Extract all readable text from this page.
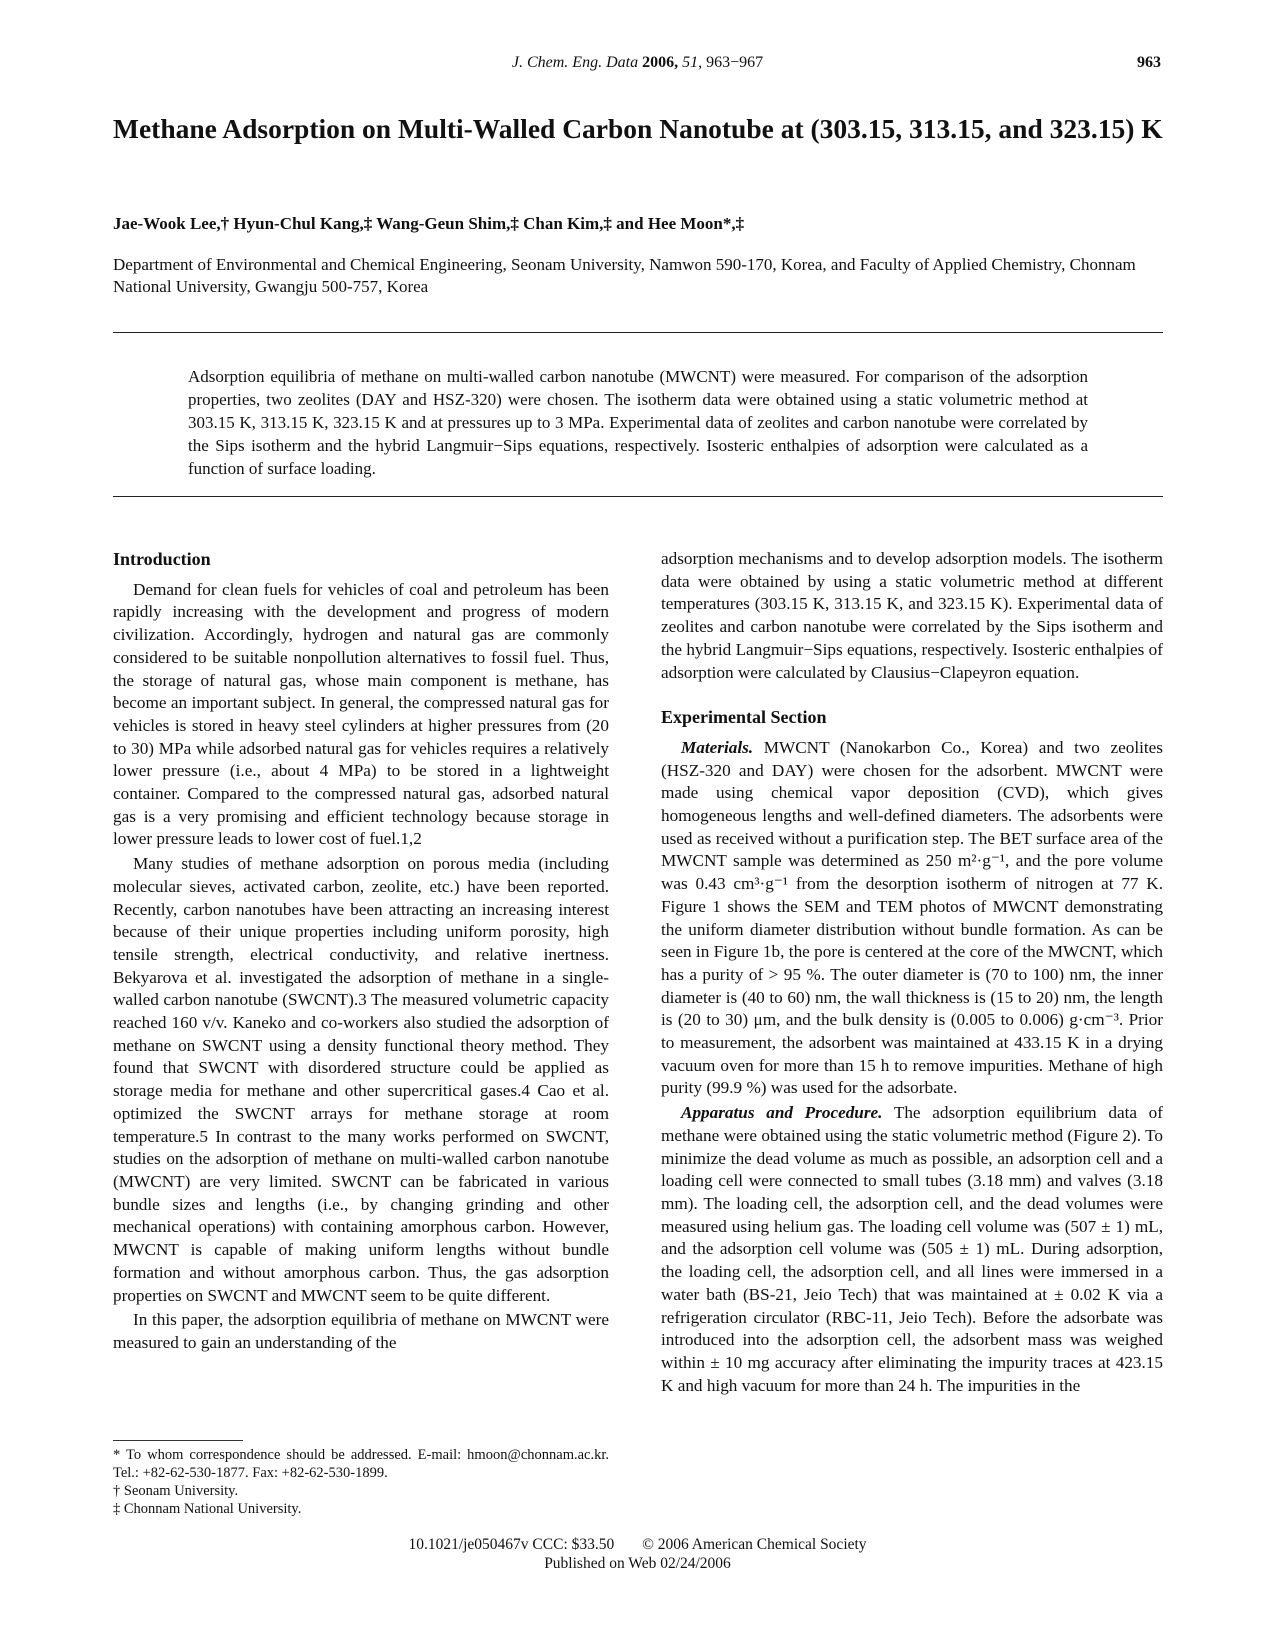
J. Chem. Eng. Data 2006, 51, 963−967	963
Methane Adsorption on Multi-Walled Carbon Nanotube at (303.15, 313.15, and 323.15) K
Jae-Wook Lee,† Hyun-Chul Kang,‡ Wang-Geun Shim,‡ Chan Kim,‡ and Hee Moon*,‡
Department of Environmental and Chemical Engineering, Seonam University, Namwon 590-170, Korea, and Faculty of Applied Chemistry, Chonnam National University, Gwangju 500-757, Korea
Adsorption equilibria of methane on multi-walled carbon nanotube (MWCNT) were measured. For comparison of the adsorption properties, two zeolites (DAY and HSZ-320) were chosen. The isotherm data were obtained using a static volumetric method at 303.15 K, 313.15 K, 323.15 K and at pressures up to 3 MPa. Experimental data of zeolites and carbon nanotube were correlated by the Sips isotherm and the hybrid Langmuir−Sips equations, respectively. Isosteric enthalpies of adsorption were calculated as a function of surface loading.
Introduction

Demand for clean fuels for vehicles of coal and petroleum has been rapidly increasing with the development and progress of modern civilization. Accordingly, hydrogen and natural gas are commonly considered to be suitable nonpollution alternatives to fossil fuel. Thus, the storage of natural gas, whose main component is methane, has become an important subject. In general, the compressed natural gas for vehicles is stored in heavy steel cylinders at higher pressures from (20 to 30) MPa while adsorbed natural gas for vehicles requires a relatively lower pressure (i.e., about 4 MPa) to be stored in a lightweight container. Compared to the compressed natural gas, adsorbed natural gas is a very promising and efficient technology because storage in lower pressure leads to lower cost of fuel.1,2

Many studies of methane adsorption on porous media (including molecular sieves, activated carbon, zeolite, etc.) have been reported. Recently, carbon nanotubes have been attracting an increasing interest because of their unique properties including uniform porosity, high tensile strength, electrical conductivity, and relative inertness. Bekyarova et al. investigated the adsorption of methane in a single-walled carbon nanotube (SWCNT).3 The measured volumetric capacity reached 160 v/v. Kaneko and co-workers also studied the adsorption of methane on SWCNT using a density functional theory method. They found that SWCNT with disordered structure could be applied as storage media for methane and other supercritical gases.4 Cao et al. optimized the SWCNT arrays for methane storage at room temperature.5 In contrast to the many works performed on SWCNT, studies on the adsorption of methane on multi-walled carbon nanotube (MWCNT) are very limited. SWCNT can be fabricated in various bundle sizes and lengths (i.e., by changing grinding and other mechanical operations) with containing amorphous carbon. However, MWCNT is capable of making uniform lengths without bundle formation and without amorphous carbon. Thus, the gas adsorption properties on SWCNT and MWCNT seem to be quite different.

In this paper, the adsorption equilibria of methane on MWCNT were measured to gain an understanding of the

adsorption mechanisms and to develop adsorption models. The isotherm data were obtained by using a static volumetric method at different temperatures (303.15 K, 313.15 K, and 323.15 K). Experimental data of zeolites and carbon nanotube were correlated by the Sips isotherm and the hybrid Langmuir−Sips equations, respectively. Isosteric enthalpies of adsorption were calculated by Clausius−Clapeyron equation.

Experimental Section

Materials. MWCNT (Nanokarbon Co., Korea) and two zeolites (HSZ-320 and DAY) were chosen for the adsorbent. MWCNT were made using chemical vapor deposition (CVD), which gives homogeneous lengths and well-defined diameters. The adsorbents were used as received without a purification step. The BET surface area of the MWCNT sample was determined as 250 m²·g⁻¹, and the pore volume was 0.43 cm³·g⁻¹ from the desorption isotherm of nitrogen at 77 K. Figure 1 shows the SEM and TEM photos of MWCNT demonstrating the uniform diameter distribution without bundle formation. As can be seen in Figure 1b, the pore is centered at the core of the MWCNT, which has a purity of > 95 %. The outer diameter is (70 to 100) nm, the inner diameter is (40 to 60) nm, the wall thickness is (15 to 20) nm, the length is (20 to 30) μm, and the bulk density is (0.005 to 0.006) g·cm⁻³. Prior to measurement, the adsorbent was maintained at 433.15 K in a drying vacuum oven for more than 15 h to remove impurities. Methane of high purity (99.9 %) was used for the adsorbate.

Apparatus and Procedure. The adsorption equilibrium data of methane were obtained using the static volumetric method (Figure 2). To minimize the dead volume as much as possible, an adsorption cell and a loading cell were connected to small tubes (3.18 mm) and valves (3.18 mm). The loading cell, the adsorption cell, and the dead volumes were measured using helium gas. The loading cell volume was (507 ± 1) mL, and the adsorption cell volume was (505 ± 1) mL. During adsorption, the loading cell, the adsorption cell, and all lines were immersed in a water bath (BS-21, Jeio Tech) that was maintained at ± 0.02 K via a refrigeration circulator (RBC-11, Jeio Tech). Before the adsorbate was introduced into the adsorption cell, the adsorbent mass was weighed within ± 10 mg accuracy after eliminating the impurity traces at 423.15 K and high vacuum for more than 24 h. The impurities in the

* To whom correspondence should be addressed. E-mail: hmoon@chonnam.ac.kr. Tel.: +82-62-530-1877. Fax: +82-62-530-1899.
† Seonam University.
‡ Chonnam National University.
10.1021/je050467v CCC: $33.50 © 2006 American Chemical Society
Published on Web 02/24/2006
